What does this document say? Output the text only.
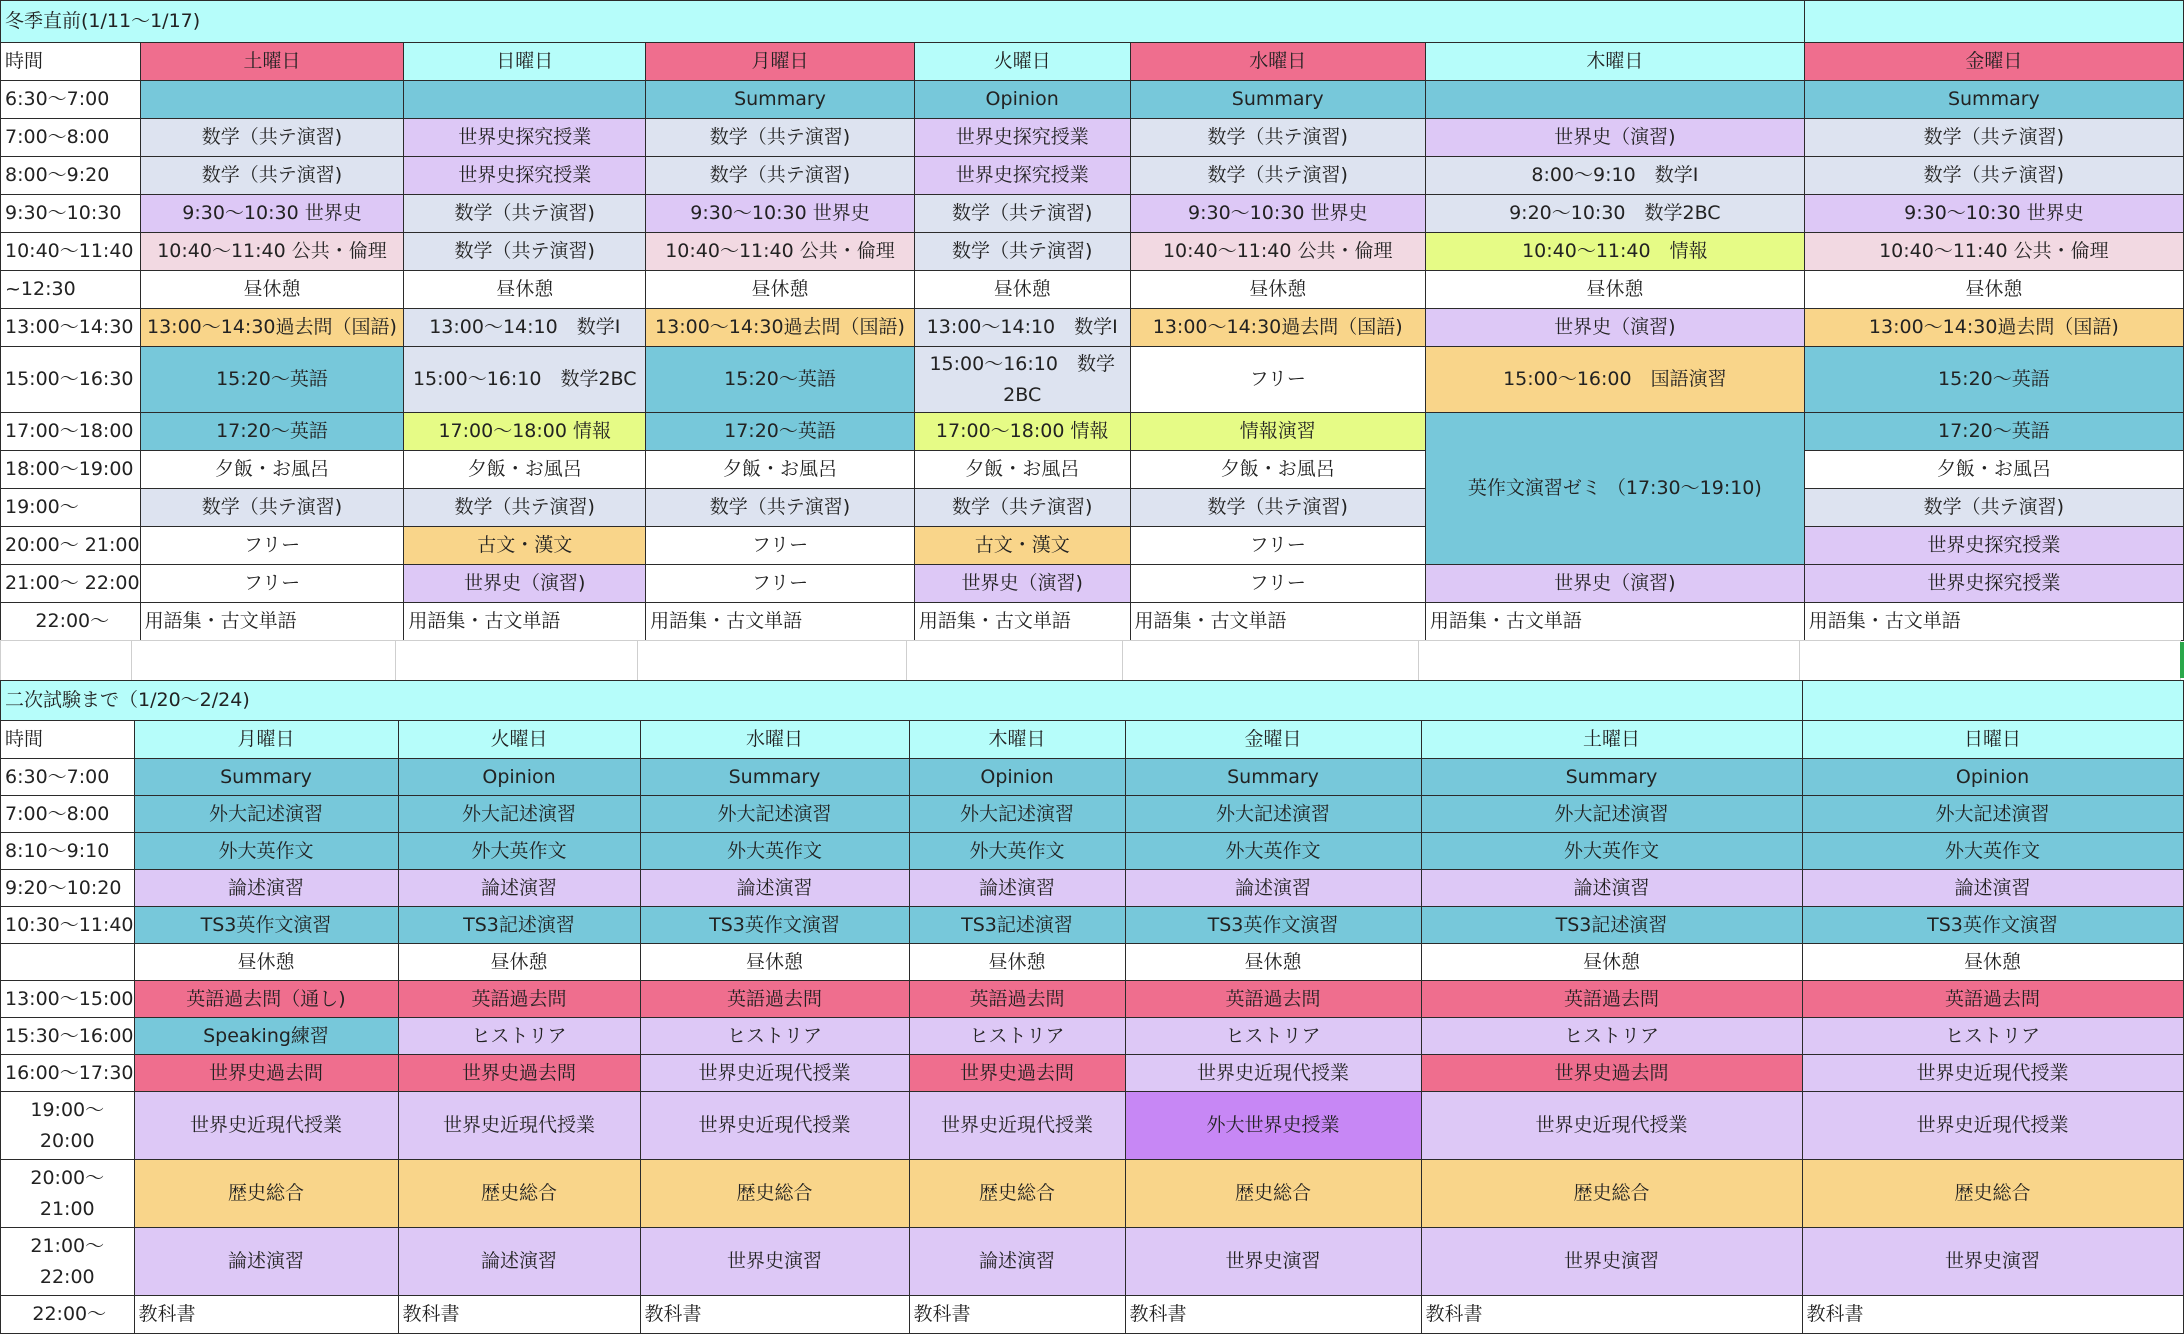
冬季直前(1/11〜1/17)							
時間	土曜日	日曜日	月曜日	火曜日	水曜日	木曜日	金曜日
6:30〜7:00			Summary	Opinion	Summary		Summary
7:00〜8:00	数学（共テ演習)	世界史探究授業	数学（共テ演習)	世界史探究授業	数学（共テ演習)	世界史（演習)	数学（共テ演習)
8:00〜9:20	数学（共テ演習)	世界史探究授業	数学（共テ演習)	世界史探究授業	数学（共テ演習)	8:00〜9:10　数学Ⅰ	数学（共テ演習)
9:30〜10:30	9:30〜10:30 世界史	数学（共テ演習)	9:30〜10:30 世界史	数学（共テ演習)	9:30〜10:30 世界史	9:20〜10:30　数学2BC	9:30〜10:30 世界史
10:40〜11:40	10:40〜11:40 公共・倫理	数学（共テ演習)	10:40〜11:40 公共・倫理	数学（共テ演習)	10:40〜11:40 公共・倫理	10:40〜11:40　情報	10:40〜11:40 公共・倫理
~12:30	昼休憩	昼休憩	昼休憩	昼休憩	昼休憩	昼休憩	昼休憩
13:00〜14:30	13:00〜14:30過去問（国語)	13:00〜14:10　数学Ⅰ	13:00〜14:30過去問（国語)	13:00〜14:10　数学Ⅰ	13:00〜14:30過去問（国語)	世界史（演習)	13:00〜14:30過去問（国語)
15:00〜16:30	15:20〜英語	15:00〜16:10　数学2BC	15:20〜英語	15:00〜16:10　数学2BC	フリー	15:00〜16:00　国語演習	15:20〜英語
17:00〜18:00	17:20〜英語	17:00〜18:00 情報	17:20〜英語	17:00〜18:00 情報	情報演習	英作文演習ゼミ （17:30〜19:10)	17:20〜英語
18:00〜19:00	夕飯・お風呂	夕飯・お風呂	夕飯・お風呂	夕飯・お風呂	夕飯・お風呂		夕飯・お風呂
19:00〜	数学（共テ演習)	数学（共テ演習)	数学（共テ演習)	数学（共テ演習)	数学（共テ演習)		数学（共テ演習)
20:00〜 21:00	フリー	古文・漢文	フリー	古文・漢文	フリー		世界史探究授業
21:00〜 22:00	フリー	世界史（演習)	フリー	世界史（演習)	フリー	世界史（演習)	世界史探究授業
22:00〜	用語集・古文単語	用語集・古文単語	用語集・古文単語	用語集・古文単語	用語集・古文単語	用語集・古文単語	用語集・古文単語

二次試験まで（1/20〜2/24)							
時間	月曜日	火曜日	水曜日	木曜日	金曜日	土曜日	日曜日
6:30〜7:00	Summary	Opinion	Summary	Opinion	Summary	Summary	Opinion
7:00〜8:00	外大記述演習	外大記述演習	外大記述演習	外大記述演習	外大記述演習	外大記述演習	外大記述演習
8:10〜9:10	外大英作文	外大英作文	外大英作文	外大英作文	外大英作文	外大英作文	外大英作文
9:20〜10:20	論述演習	論述演習	論述演習	論述演習	論述演習	論述演習	論述演習
10:30〜11:40	TS3英作文演習	TS3記述演習	TS3英作文演習	TS3記述演習	TS3英作文演習	TS3記述演習	TS3英作文演習
	昼休憩	昼休憩	昼休憩	昼休憩	昼休憩	昼休憩	昼休憩
13:00〜15:00	英語過去問（通し)	英語過去問	英語過去問	英語過去問	英語過去問	英語過去問	英語過去問
15:30〜16:00	Speaking練習	ヒストリア	ヒストリア	ヒストリア	ヒストリア	ヒストリア	ヒストリア
16:00〜17:30	世界史過去問	世界史過去問	世界史近現代授業	世界史過去問	世界史近現代授業	世界史過去問	世界史近現代授業
19:00〜 20:00	世界史近現代授業	世界史近現代授業	世界史近現代授業	世界史近現代授業	外大世界史授業	世界史近現代授業	世界史近現代授業
20:00〜 21:00	歴史総合	歴史総合	歴史総合	歴史総合	歴史総合	歴史総合	歴史総合
21:00〜 22:00	論述演習	論述演習	世界史演習	論述演習	世界史演習	世界史演習	世界史演習
22:00〜	教科書	教科書	教科書	教科書	教科書	教科書	教科書
